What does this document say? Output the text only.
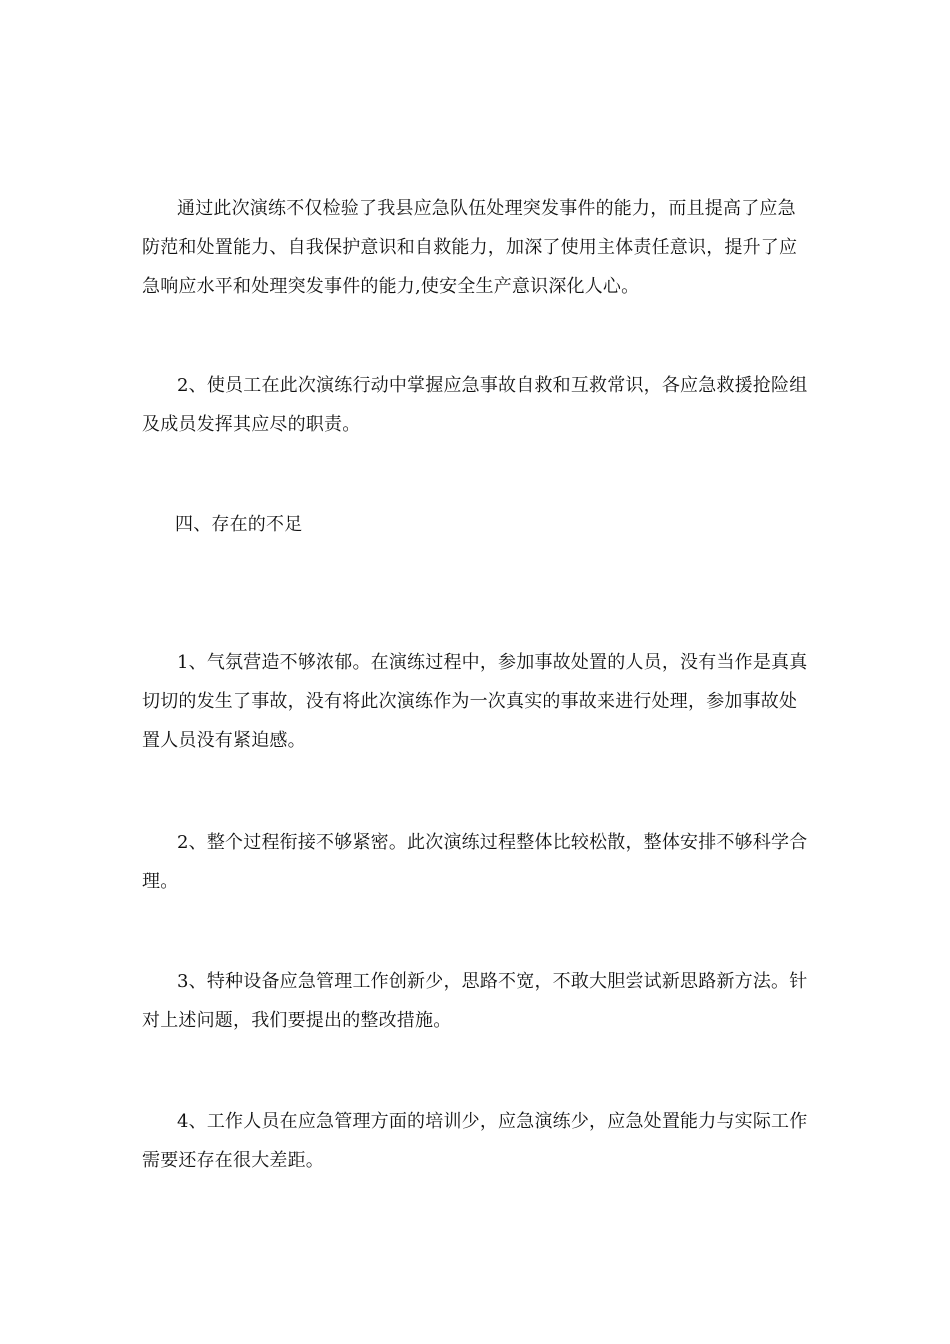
通过此次演练不仅检验了我县应急队伍处理突发事件的能力，而且提高了应急防范和处置能力、自我保护意识和自救能力，加深了使用主体责任意识，提升了应急响应水平和处理突发事件的能力,使安全生产意识深化人心。

2、使员工在此次演练行动中掌握应急事故自救和互救常识，各应急救援抢险组及成员发挥其应尽的职责。

四、存在的不足

1、气氛营造不够浓郁。在演练过程中，参加事故处置的人员，没有当作是真真切切的发生了事故，没有将此次演练作为一次真实的事故来进行处理，参加事故处置人员没有紧迫感。

2、整个过程衔接不够紧密。此次演练过程整体比较松散，整体安排不够科学合理。

3、特种设备应急管理工作创新少，思路不宽，不敢大胆尝试新思路新方法。针对上述问题，我们要提出的整改措施。

4、工作人员在应急管理方面的培训少，应急演练少，应急处置能力与实际工作需要还存在很大差距。
